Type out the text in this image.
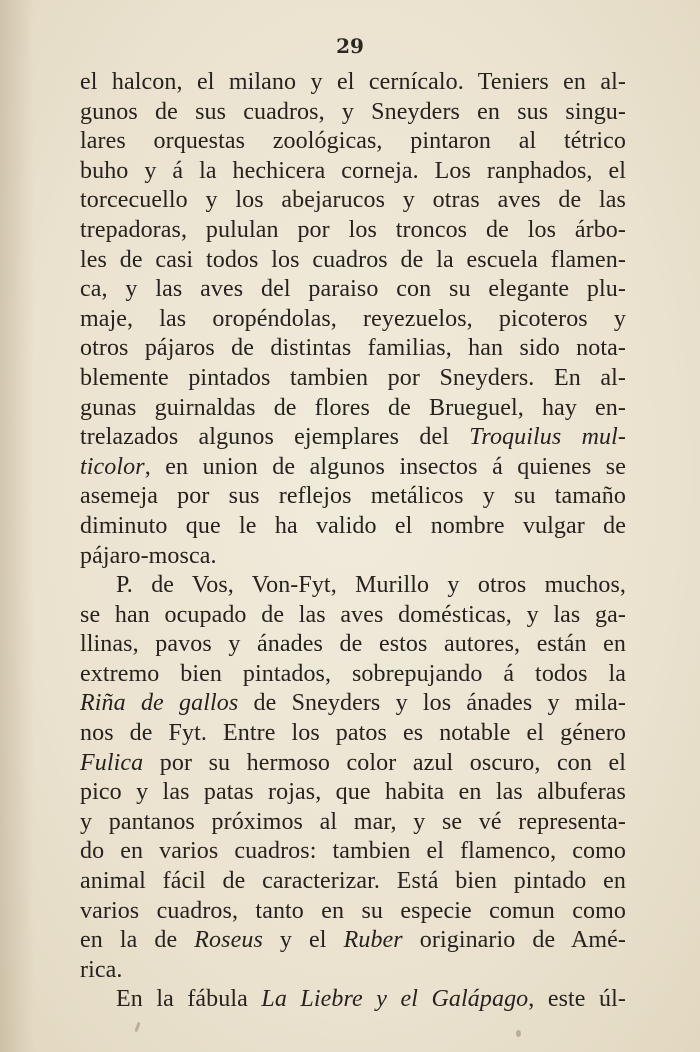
29

el halcon, el milano y el cernícalo. Teniers en al-
gunos de sus cuadros, y Sneyders en sus singu-
lares orquestas zoológicas, pintaron al tétrico
buho y á la hechicera corneja. Los ranphados, el
torcecuello y los abejarucos y otras aves de las
trepadoras, pululan por los troncos de los árbo-
les de casi todos los cuadros de la escuela flamen-
ca, y las aves del paraiso con su elegante plu-
maje, las oropéndolas, reyezuelos, picoteros y
otros pájaros de distintas familias, han sido nota-
blemente pintados tambien por Sneyders. En al-
gunas guirnaldas de flores de Brueguel, hay en-
trelazados algunos ejemplares del Troquilus mul-
ticolor, en union de algunos insectos á quienes se
asemeja por sus reflejos metálicos y su tamaño
diminuto que le ha valido el nombre vulgar de
pájaro-mosca.
P. de Vos, Von-Fyt, Murillo y otros muchos,
se han ocupado de las aves domésticas, y las ga-
llinas, pavos y ánades de estos autores, están en
extremo bien pintados, sobrepujando á todos la
Riña de gallos de Sneyders y los ánades y mila-
nos de Fyt. Entre los patos es notable el género
Fulica por su hermoso color azul oscuro, con el
pico y las patas rojas, que habita en las albuferas
y pantanos próximos al mar, y se vé representa-
do en varios cuadros: tambien el flamenco, como
animal fácil de caracterizar. Está bien pintado en
varios cuadros, tanto en su especie comun como
en la de Roseus y el Ruber originario de Amé-
rica.
En la fábula La Liebre y el Galápago, este úl-
